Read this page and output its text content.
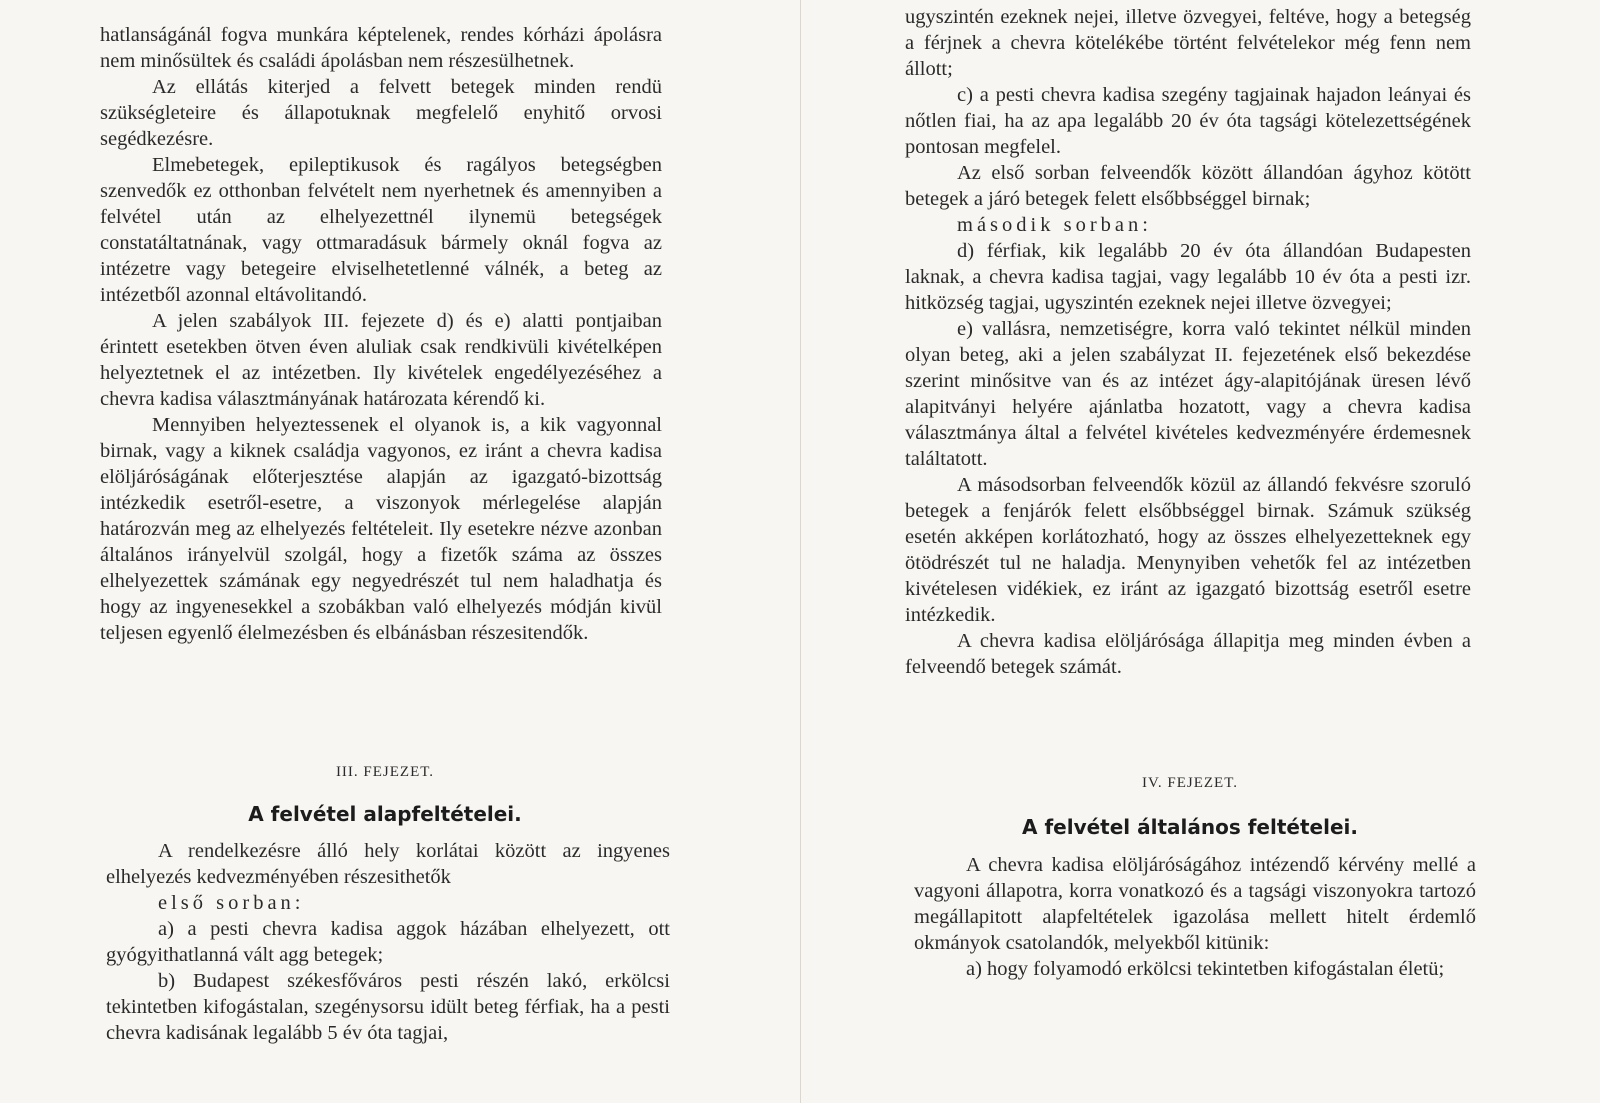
hatlanságánál fogva munkára képtelenek, rendes kórházi ápolásra nem minősültek és családi ápolásban nem részesülhetnek.

Az ellátás kiterjed a felvett betegek minden rendü szükségleteire és állapotuknak megfelelő enyhitő orvosi segédkezésre.

Elmebetegek, epileptikusok és ragályos betegségben szenvedők ez otthonban felvételt nem nyerhetnek és amennyiben a felvétel után az elhelyezettnél ilynemü betegségek constatáltatnának, vagy ottmaradásuk bármely oknál fogva az intézetre vagy betegeire elviselhetetlenné válnék, a beteg az intézetből azonnal eltávolitandó.

A jelen szabályok III. fejezete d) és e) alatti pontjaiban érintett esetekben ötven éven aluliak csak rendkivüli kivételképen helyeztetnek el az intézetben. Ily kivételek engedélyezéséhez a chevra kadisa választmányának határozata kérendő ki.

Mennyiben helyeztessenek el olyanok is, a kik vagyonnal birnak, vagy a kiknek családja vagyonos, ez iránt a chevra kadisa elöljáróságának előterjesztése alapján az igazgató-bizottság intézkedik esetről-esetre, a viszonyok mérlegelése alapján határozván meg az elhelyezés feltételeit. Ily esetekre nézve azonban általános irányelvül szolgál, hogy a fizetők száma az összes elhelyezettek számának egy negyedrészét tul nem haladhatja és hogy az ingyenesekkel a szobákban való elhelyezés módján kivül teljesen egyenlő élelmezésben és elbánásban részesitendők.

III. FEJEZET.
A felvétel alapfeltételei.

A rendelkezésre álló hely korlátai között az ingyenes elhelyezés kedvezményében részesithetők

első sorban:

a) a pesti chevra kadisa aggok házában elhelyezett, ott gyógyithatlanná vált agg betegek;

b) Budapest székesfőváros pesti részén lakó, erkölcsi tekintetben kifogástalan, szegénysorsu idült beteg férfiak, ha a pesti chevra kadisának legalább 5 év óta tagjai,

ugyszintén ezeknek nejei, illetve özvegyei, feltéve, hogy a betegség a férjnek a chevra kötelékébe történt felvételekor még fenn nem állott;

c) a pesti chevra kadisa szegény tagjainak hajadon leányai és nőtlen fiai, ha az apa legalább 20 év óta tagsági kötelezettségének pontosan megfelel.

Az első sorban felveendők között állandóan ágyhoz kötött betegek a járó betegek felett elsőbbséggel birnak;

második sorban:

d) férfiak, kik legalább 20 év óta állandóan Budapesten laknak, a chevra kadisa tagjai, vagy legalább 10 év óta a pesti izr. hitközség tagjai, ugyszintén ezeknek nejei illetve özvegyei;

e) vallásra, nemzetiségre, korra való tekintet nélkül minden olyan beteg, aki a jelen szabályzat II. fejezetének első bekezdése szerint minősitve van és az intézet ágy-alapitójának üresen lévő alapitványi helyére ajánlatba hozatott, vagy a chevra kadisa választmánya által a felvétel kivételes kedvezményére érdemesnek találtatott.

A másodsorban felveendők közül az állandó fekvésre szoruló betegek a fenjárók felett elsőbbséggel birnak. Számuk szükség esetén akképen korlátozható, hogy az összes elhelyezetteknek egy ötödrészét tul ne haladja. Menynyiben vehetők fel az intézetben kivételesen vidékiek, ez iránt az igazgató bizottság esetről esetre intézkedik.

A chevra kadisa elöljárósága állapitja meg minden évben a felveendő betegek számát.

IV. FEJEZET.
A felvétel általános feltételei.

A chevra kadisa elöljáróságához intézendő kérvény mellé a vagyoni állapotra, korra vonatkozó és a tagsági viszonyokra tartozó megállapitott alapfeltételek igazolása mellett hitelt érdemlő okmányok csatolandók, melyekből kitünik:

a) hogy folyamodó erkölcsi tekintetben kifogástalan életü;
